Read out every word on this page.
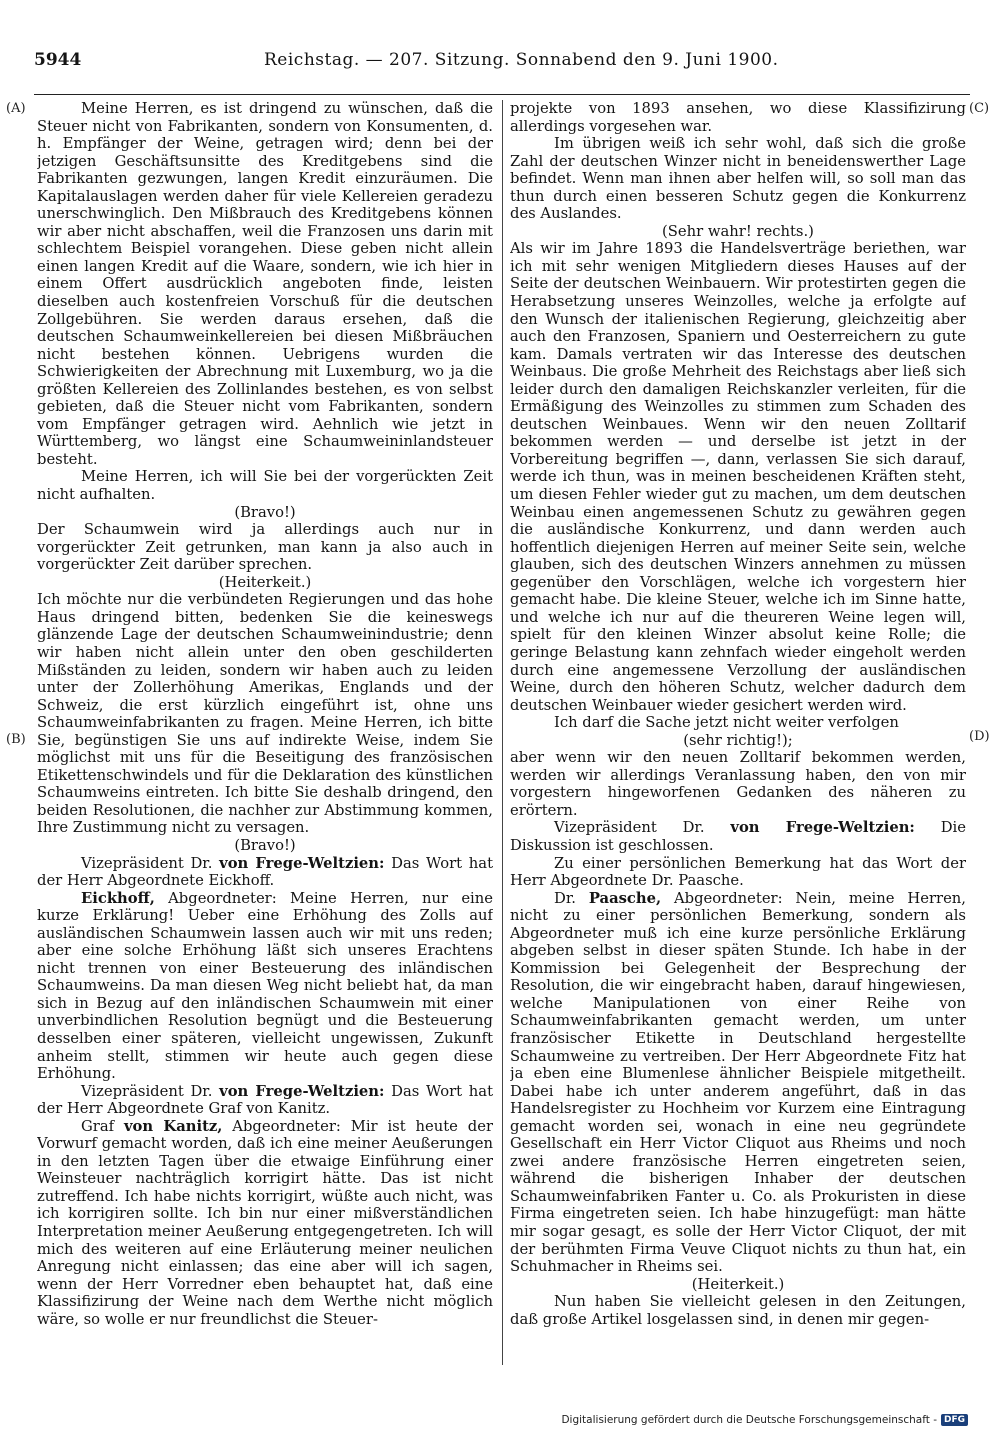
5944	Reichstag. — 207. Sitzung. Sonnabend den 9. Juni 1900.
(A)
(B)
(C)
(D)

Meine Herren, es ist dringend zu wünschen, daß die Steuer nicht von Fabrikanten, sondern von Konsumenten, d. h. Empfänger der Weine, getragen wird; denn bei der jetzigen Geschäftsunsitte des Kreditgebens sind die Fabrikanten gezwungen, langen Kredit einzuräumen. Die Kapitalauslagen werden daher für viele Kellereien geradezu unerschwinglich. Den Mißbrauch des Kreditgebens können wir aber nicht abschaffen, weil die Franzosen uns darin mit schlechtem Beispiel vorangehen. Diese geben nicht allein einen langen Kredit auf die Waare, sondern, wie ich hier in einem Offert ausdrücklich angeboten finde, leisten dieselben auch kostenfreien Vorschuß für die deutschen Zollgebühren. Sie werden daraus ersehen, daß die deutschen Schaumweinkellereien bei diesen Mißbräuchen nicht bestehen können. Uebrigens wurden die Schwierigkeiten der Abrechnung mit Luxemburg, wo ja die größten Kellereien des Zollinlandes bestehen, es von selbst gebieten, daß die Steuer nicht vom Fabrikanten, sondern vom Empfänger getragen wird. Aehnlich wie jetzt in Württemberg, wo längst eine Schaumweininlandsteuer besteht.

Meine Herren, ich will Sie bei der vorgerückten Zeit nicht aufhalten.

(Bravo!)

Der Schaumwein wird ja allerdings auch nur in vorgerückter Zeit getrunken, man kann ja also auch in vorgerückter Zeit darüber sprechen.

(Heiterkeit.)

Ich möchte nur die verbündeten Regierungen und das hohe Haus dringend bitten, bedenken Sie die keineswegs glänzende Lage der deutschen Schaumweinindustrie; denn wir haben nicht allein unter den oben geschilderten Mißständen zu leiden, sondern wir haben auch zu leiden unter der Zollerhöhung Amerikas, Englands und der Schweiz, die erst kürzlich eingeführt ist, ohne uns Schaumweinfabrikanten zu fragen. Meine Herren, ich bitte Sie, begünstigen Sie uns auf indirekte Weise, indem Sie möglichst mit uns für die Beseitigung des französischen Etikettenschwindels und für die Deklaration des künstlichen Schaumweins eintreten. Ich bitte Sie deshalb dringend, den beiden Resolutionen, die nachher zur Abstimmung kommen, Ihre Zustimmung nicht zu versagen.

(Bravo!)

Vizepräsident Dr. von Frege-Weltzien: Das Wort hat der Herr Abgeordnete Eickhoff.

Eickhoff, Abgeordneter: Meine Herren, nur eine kurze Erklärung! Ueber eine Erhöhung des Zolls auf ausländischen Schaumwein lassen auch wir mit uns reden; aber eine solche Erhöhung läßt sich unseres Erachtens nicht trennen von einer Besteuerung des inländischen Schaumweins. Da man diesen Weg nicht beliebt hat, da man sich in Bezug auf den inländischen Schaumwein mit einer unverbindlichen Resolution begnügt und die Besteuerung desselben einer späteren, vielleicht ungewissen, Zukunft anheim stellt, stimmen wir heute auch gegen diese Erhöhung.

Vizepräsident Dr. von Frege-Weltzien: Das Wort hat der Herr Abgeordnete Graf von Kanitz.

Graf von Kanitz, Abgeordneter: Mir ist heute der Vorwurf gemacht worden, daß ich eine meiner Aeußerungen in den letzten Tagen über die etwaige Einführung einer Weinsteuer nachträglich korrigirt hätte. Das ist nicht zutreffend. Ich habe nichts korrigirt, wüßte auch nicht, was ich korrigiren sollte. Ich bin nur einer mißverständlichen Interpretation meiner Aeußerung entgegengetreten. Ich will mich des weiteren auf eine Erläuterung meiner neulichen Anregung nicht einlassen; das eine aber will ich sagen, wenn der Herr Vorredner eben behauptet hat, daß eine Klassifizirung der Weine nach dem Werthe nicht möglich wäre, so wolle er nur freundlichst die Steuer-

projekte von 1893 ansehen, wo diese Klassifizirung allerdings vorgesehen war.

Im übrigen weiß ich sehr wohl, daß sich die große Zahl der deutschen Winzer nicht in beneidenswerther Lage befindet. Wenn man ihnen aber helfen will, so soll man das thun durch einen besseren Schutz gegen die Konkurrenz des Auslandes.

(Sehr wahr! rechts.)

Als wir im Jahre 1893 die Handelsverträge beriethen, war ich mit sehr wenigen Mitgliedern dieses Hauses auf der Seite der deutschen Weinbauern. Wir protestirten gegen die Herabsetzung unseres Weinzolles, welche ja erfolgte auf den Wunsch der italienischen Regierung, gleichzeitig aber auch den Franzosen, Spaniern und Oesterreichern zu gute kam. Damals vertraten wir das Interesse des deutschen Weinbaus. Die große Mehrheit des Reichstags aber ließ sich leider durch den damaligen Reichskanzler verleiten, für die Ermäßigung des Weinzolles zu stimmen zum Schaden des deutschen Weinbaues. Wenn wir den neuen Zolltarif bekommen werden — und derselbe ist jetzt in der Vorbereitung begriffen —, dann, verlassen Sie sich darauf, werde ich thun, was in meinen bescheidenen Kräften steht, um diesen Fehler wieder gut zu machen, um dem deutschen Weinbau einen angemessenen Schutz zu gewähren gegen die ausländische Konkurrenz, und dann werden auch hoffentlich diejenigen Herren auf meiner Seite sein, welche glauben, sich des deutschen Winzers annehmen zu müssen gegenüber den Vorschlägen, welche ich vorgestern hier gemacht habe. Die kleine Steuer, welche ich im Sinne hatte, und welche ich nur auf die theureren Weine legen will, spielt für den kleinen Winzer absolut keine Rolle; die geringe Belastung kann zehnfach wieder eingeholt werden durch eine angemessene Verzollung der ausländischen Weine, durch den höheren Schutz, welcher dadurch dem deutschen Weinbauer wieder gesichert werden wird.

Ich darf die Sache jetzt nicht weiter verfolgen

(sehr richtig!);

aber wenn wir den neuen Zolltarif bekommen werden, werden wir allerdings Veranlassung haben, den von mir vorgestern hingeworfenen Gedanken des näheren zu erörtern.

Vizepräsident Dr. von Frege-Weltzien: Die Diskussion ist geschlossen.

Zu einer persönlichen Bemerkung hat das Wort der Herr Abgeordnete Dr. Paasche.

Dr. Paasche, Abgeordneter: Nein, meine Herren, nicht zu einer persönlichen Bemerkung, sondern als Abgeordneter muß ich eine kurze persönliche Erklärung abgeben selbst in dieser späten Stunde. Ich habe in der Kommission bei Gelegenheit der Besprechung der Resolution, die wir eingebracht haben, darauf hingewiesen, welche Manipulationen von einer Reihe von Schaumweinfabrikanten gemacht werden, um unter französischer Etikette in Deutschland hergestellte Schaumweine zu vertreiben. Der Herr Abgeordnete Fitz hat ja eben eine Blumenlese ähnlicher Beispiele mitgetheilt. Dabei habe ich unter anderem angeführt, daß in das Handelsregister zu Hochheim vor Kurzem eine Eintragung gemacht worden sei, wonach in eine neu gegründete Gesellschaft ein Herr Victor Cliquot aus Rheims und noch zwei andere französische Herren eingetreten seien, während die bisherigen Inhaber der deutschen Schaumweinfabriken Fanter u. Co. als Prokuristen in diese Firma eingetreten seien. Ich habe hinzugefügt: man hätte mir sogar gesagt, es solle der Herr Victor Cliquot, der mit der berühmten Firma Veuve Cliquot nichts zu thun hat, ein Schuhmacher in Rheims sei.

(Heiterkeit.)

Nun haben Sie vielleicht gelesen in den Zeitungen, daß große Artikel losgelassen sind, in denen mir gegen-

Digitalisierung gefördert durch die Deutsche Forschungsgemeinschaft - DFG
